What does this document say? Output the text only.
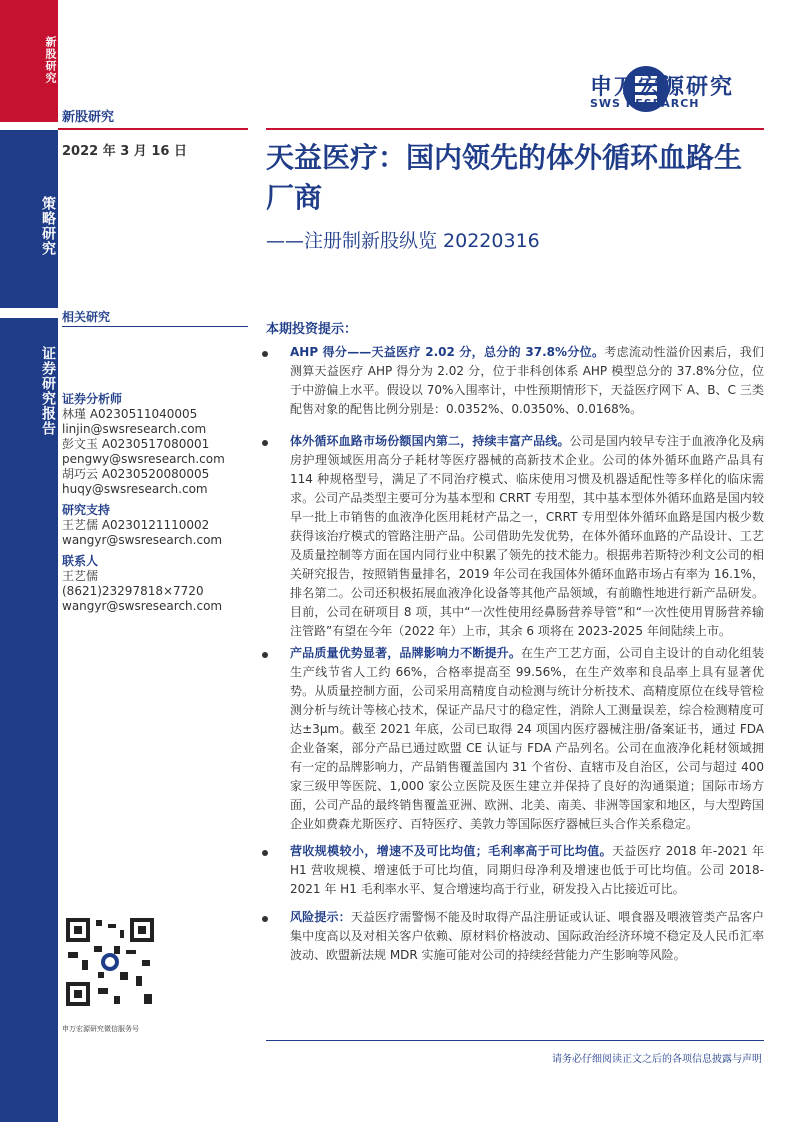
新股研究
策略研究
证券研究报告
申万宏源研究
SWS RESEARCH
新股研究
2022 年 3 月 16 日	天益医疗：国内领先的体外循环血路生厂商
——注册制新股纵览 20220316
相关研究
证券分析师
林瑾 A0230511040005
linjin@swsresearch.com
彭文玉 A0230517080001
pengwy@swsresearch.com
胡巧云 A0230520080005
huqy@swsresearch.com
研究支持
王艺儒 A0230121110002
wangyr@swsresearch.com
联系人
王艺儒
(8621)23297818×7720
wangyr@swsresearch.com
本期投资提示：
AHP 得分——天益医疗 2.02 分，总分的 37.8%分位。考虑流动性溢价因素后，我们测算天益医疗 AHP 得分为 2.02 分，位于非科创体系 AHP 模型总分的 37.8%分位，位于中游偏上水平。假设以 70%入围率计，中性预期情形下，天益医疗网下 A、B、C 三类配售对象的配售比例分别是：0.0352%、0.0350%、0.0168%。
体外循环血路市场份额国内第二，持续丰富产品线。公司是国内较早专注于血液净化及病房护理领域医用高分子耗材等医疗器械的高新技术企业。公司的体外循环血路产品具有 114 种规格型号，满足了不同治疗模式、临床使用习惯及机器适配性等多样化的临床需求。公司产品类型主要可分为基本型和 CRRT 专用型，其中基本型体外循环血路是国内较早一批上市销售的血液净化医用耗材产品之一，CRRT 专用型体外循环血路是国内极少数获得该治疗模式的管路注册产品。公司借助先发优势，在体外循环血路的产品设计、工艺及质量控制等方面在国内同行业中积累了领先的技术能力。根据弗若斯特沙利文公司的相关研究报告，按照销售量排名，2019 年公司在我国体外循环血路市场占有率为 16.1%，排名第二。公司还积极拓展血液净化设备等其他产品领域，有前瞻性地进行新产品研发。目前，公司在研项目 8 项，其中“一次性使用经鼻肠营养导管”和“一次性使用胃肠营养输注管路”有望在今年（2022 年）上市，其余 6 项将在 2023-2025 年间陆续上市。
产品质量优势显著，品牌影响力不断提升。在生产工艺方面，公司自主设计的自动化组装生产线节省人工约 66%，合格率提高至 99.56%，在生产效率和良品率上具有显著优势。从质量控制方面，公司采用高精度自动检测与统计分析技术、高精度原位在线导管检测分析与统计等核心技术，保证产品尺寸的稳定性，消除人工测量误差，综合检测精度可达±3μm。截至 2021 年底，公司已取得 24 项国内医疗器械注册/备案证书，通过 FDA 企业备案，部分产品已通过欧盟 CE 认证与 FDA 产品列名。公司在血液净化耗材领域拥有一定的品牌影响力，产品销售覆盖国内 31 个省份、直辖市及自治区，公司与超过 400 家三级甲等医院、1,000 家公立医院及医生建立并保持了良好的沟通渠道；国际市场方面，公司产品的最终销售覆盖亚洲、欧洲、北美、南美、非洲等国家和地区，与大型跨国企业如费森尤斯医疗、百特医疗、美敦力等国际医疗器械巨头合作关系稳定。
营收规模较小，增速不及可比均值；毛利率高于可比均值。天益医疗 2018 年-2021 年 H1 营收规模、增速低于可比均值，同期归母净利及增速也低于可比均值。公司 2018-2021 年 H1 毛利率水平、复合增速均高于行业，研发投入占比接近可比。
风险提示：天益医疗需警惕不能及时取得产品注册证或认证、喂食器及喂液管类产品客户集中度高以及对相关客户依赖、原材料价格波动、国际政治经济环境不稳定及人民币汇率波动、欧盟新法规 MDR 实施可能对公司的持续经营能力产生影响等风险。
申万宏源研究微信服务号
请务必仔细阅读正文之后的各项信息披露与声明
